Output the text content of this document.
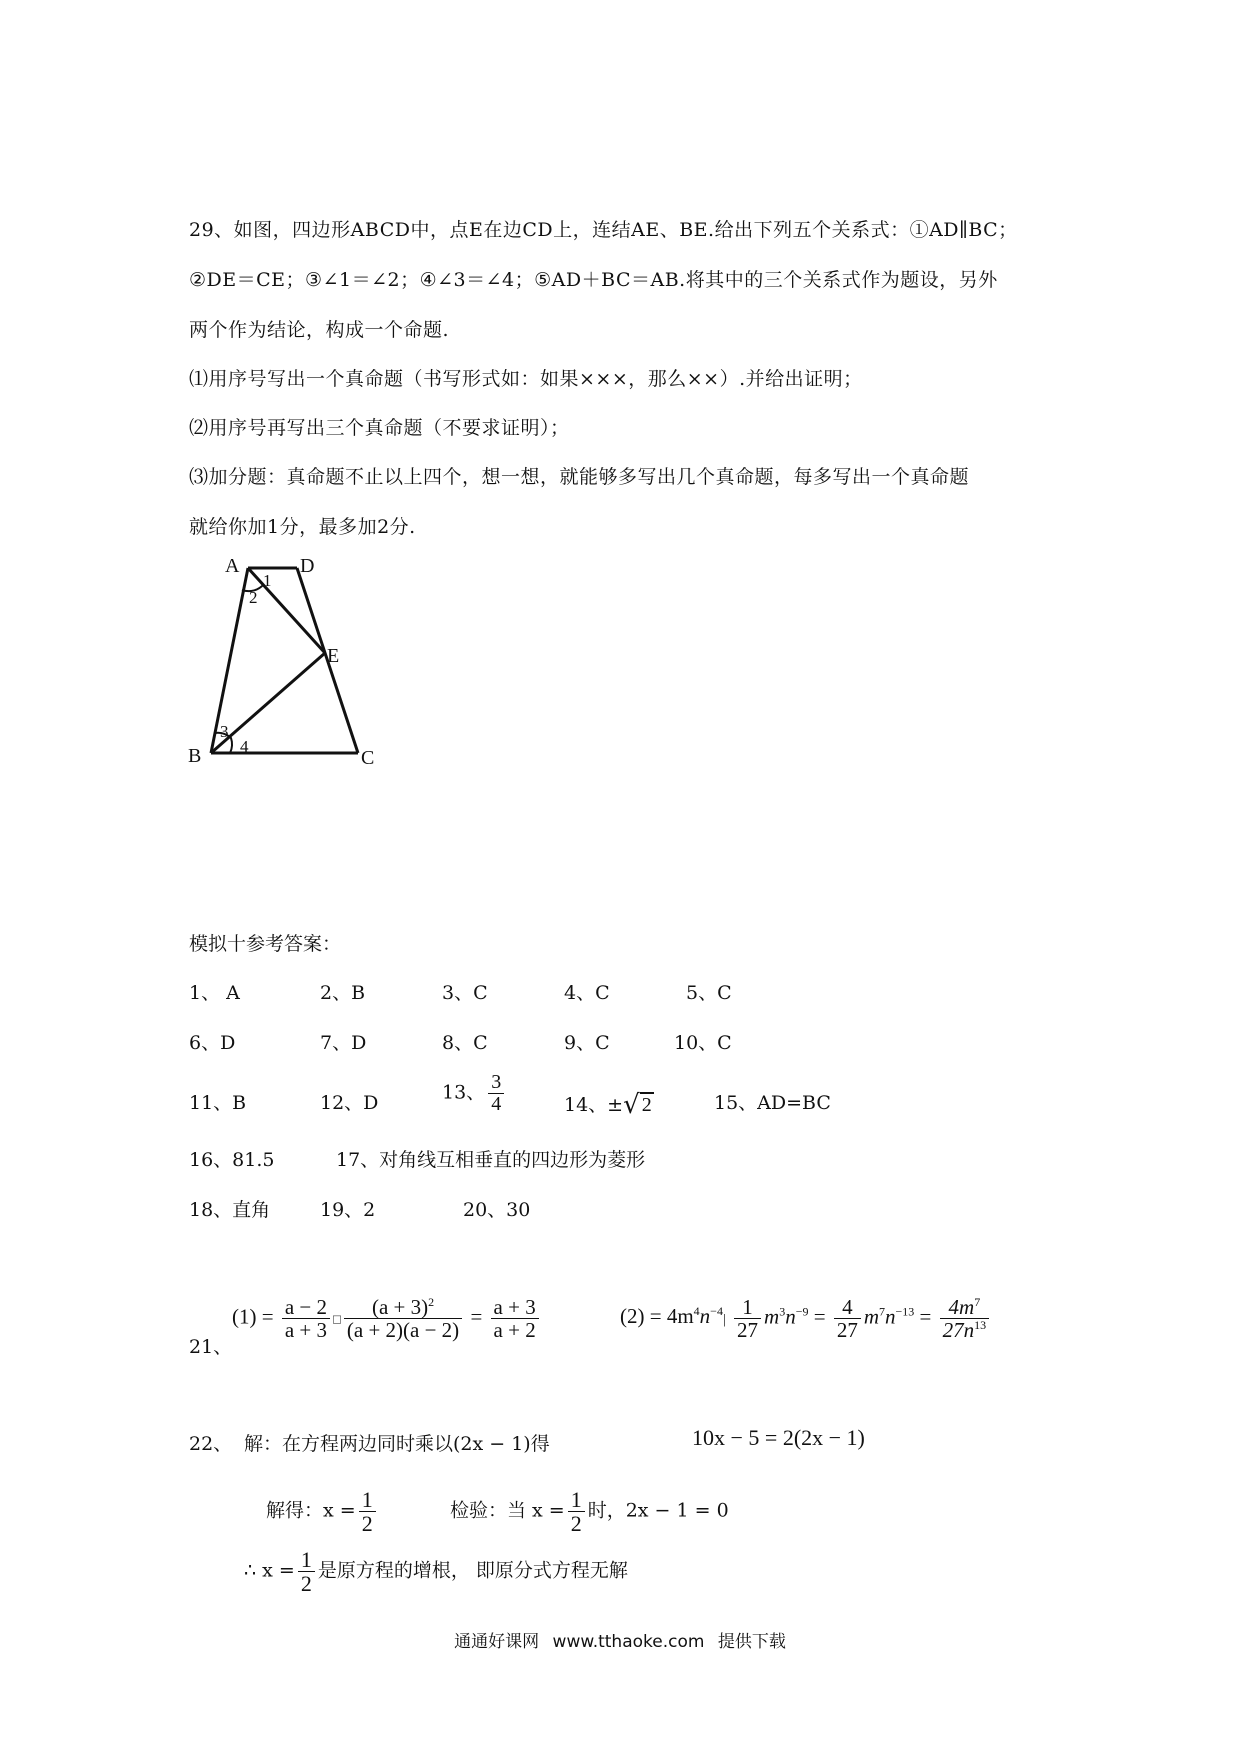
29、如图，四边形ABCD中，点E在边CD上，连结AE、BE.给出下列五个关系式：①AD∥BC；
②DE＝CE；③∠1＝∠2；④∠3＝∠4；⑤AD＋BC＝AB.将其中的三个关系式作为题设，另外
两个作为结论，构成一个命题.
⑴用序号写出一个真命题（书写形式如：如果×××，那么××）.并给出证明；
⑵用序号再写出三个真命题（不要求证明）；
⑶加分题：真命题不止以上四个，想一想，就能够多写出几个真命题，每多写出一个真命题
就给你加1分，最多加2分.
A	D
E
B	C
1
2
3
4
模拟十参考答案：
1、 A	2、B	3、C	4、C	5、C
6、D	7、D	8、C	9、C	10、C
11、B	12、D	13、 $\frac{3}{4}$	14、±√ 2	15、AD=BC
16、81.5	17、对角线互相垂直的四边形为菱形
18、直角	19、2	20、30
21、
$(1) = \frac{a - 2}{a + 3}$ □ $\frac{(a + 3)^2}{(a + 2)(a - 2)} = \frac{a + 3}{a + 2}$	$(2) = 4m^4n^{-4}| \frac{1}{27} m^3n^{-9} = \frac{4}{27} m^7n^{-13} = \frac{4m^7}{27n^{13}}$
22、 解：在方程两边同时乘以(2x − 1)得	10x − 5 = 2(2x − 1)
解得：$x = \frac{1}{2}$	检验：当 $x = \frac{1}{2}$ 时，2x − 1 = 0
∴ $x = \frac{1}{2}$ 是原方程的增根， 即原分式方程无解
通通好课网 www.tthaoke.com 提供下载
